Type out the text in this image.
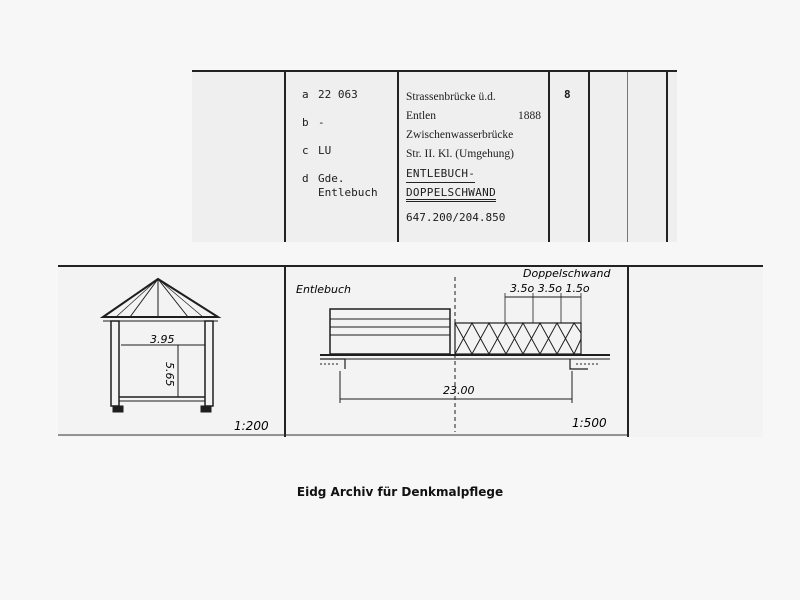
a 22 063
b -
c LU
d Gde.
Entlebuch
Strassenbrücke ü.d.
Entlen	1888
Zwischenwasserbrücke
Str. II. Kl. (Umgehung)
ENTLEBUCH-
DOPPELSCHWAND
647.200/204.850
8
3.95
5.65
1:200
Entlebuch
Doppelschwand
3.5o 3.5o 1.5o
23.00
1:500
Eidg Archiv für Denkmalpflege
